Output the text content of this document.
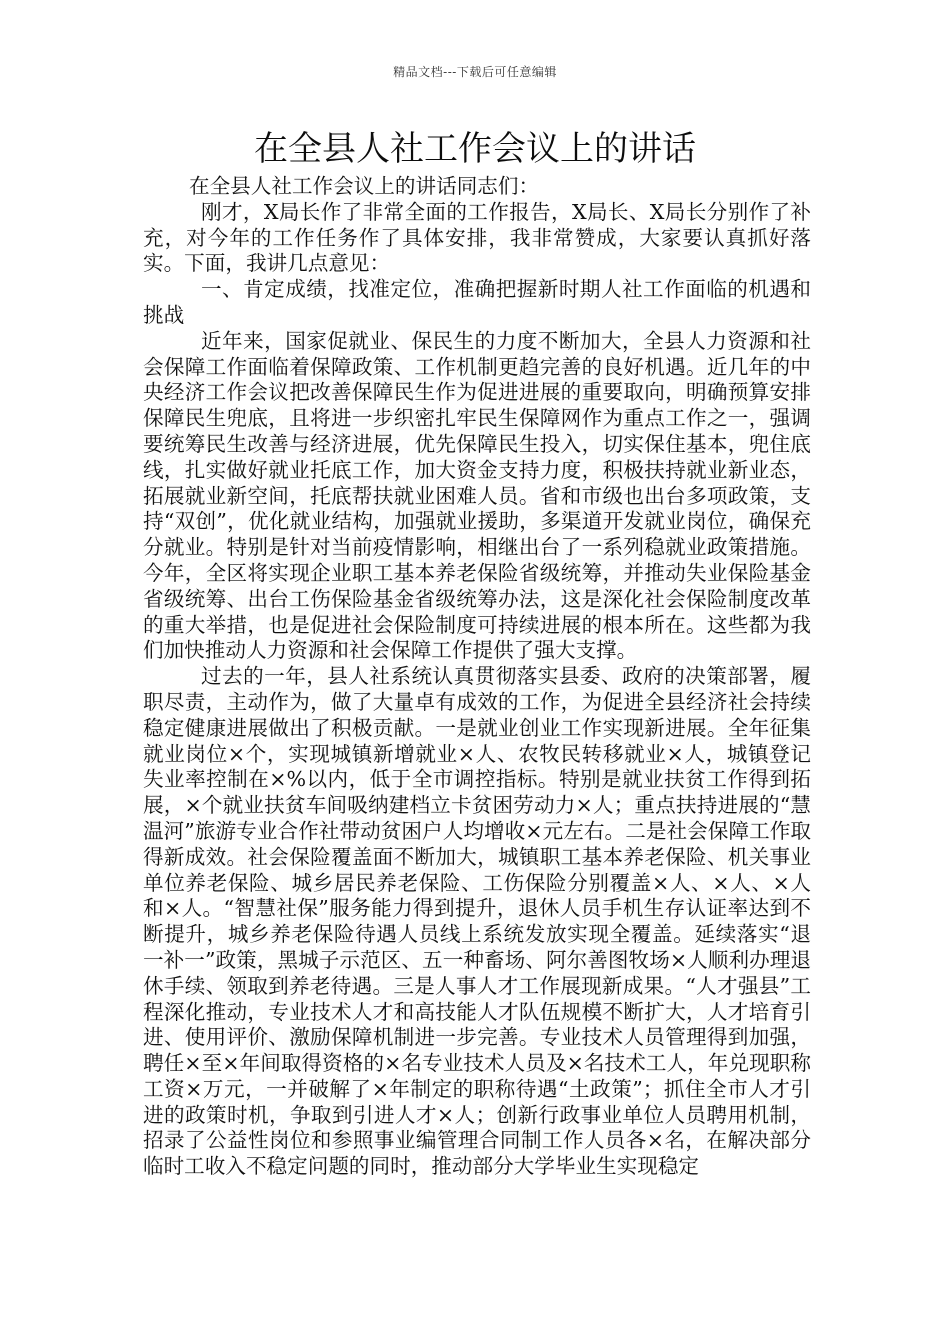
精品文档---下载后可任意编辑
在全县人社工作会议上的讲话

在全县人社工作会议上的讲话同志们：

刚才，X局长作了非常全面的工作报告，X局长、X局长分别作了补充，对今年的工作任务作了具体安排，我非常赞成，大家要认真抓好落实。下面，我讲几点意见：

一、肯定成绩，找准定位，准确把握新时期人社工作面临的机遇和挑战

近年来，国家促就业、保民生的力度不断加大，全县人力资源和社会保障工作面临着保障政策、工作机制更趋完善的良好机遇。近几年的中央经济工作会议把改善保障民生作为促进进展的重要取向，明确预算安排保障民生兜底，且将进一步织密扎牢民生保障网作为重点工作之一，强调要统筹民生改善与经济进展，优先保障民生投入，切实保住基本，兜住底线，扎实做好就业托底工作，加大资金支持力度，积极扶持就业新业态，拓展就业新空间，托底帮扶就业困难人员。省和市级也出台多项政策，支持“双创”，优化就业结构，加强就业援助，多渠道开发就业岗位，确保充分就业。特别是针对当前疫情影响，相继出台了一系列稳就业政策措施。今年，全区将实现企业职工基本养老保险省级统筹，并推动失业保险基金省级统筹、出台工伤保险基金省级统筹办法，这是深化社会保险制度改革的重大举措，也是促进社会保险制度可持续进展的根本所在。这些都为我们加快推动人力资源和社会保障工作提供了强大支撑。

过去的一年，县人社系统认真贯彻落实县委、政府的决策部署，履职尽责，主动作为，做了大量卓有成效的工作，为促进全县经济社会持续稳定健康进展做出了积极贡献。一是就业创业工作实现新进展。全年征集就业岗位×个，实现城镇新增就业×人、农牧民转移就业×人，城镇登记失业率控制在×%以内，低于全市调控指标。特别是就业扶贫工作得到拓展，×个就业扶贫车间吸纳建档立卡贫困劳动力×人；重点扶持进展的“慧温河”旅游专业合作社带动贫困户人均增收×元左右。二是社会保障工作取得新成效。社会保险覆盖面不断加大，城镇职工基本养老保险、机关事业单位养老保险、城乡居民养老保险、工伤保险分别覆盖×人、×人、×人和×人。“智慧社保”服务能力得到提升，退休人员手机生存认证率达到不断提升，城乡养老保险待遇人员线上系统发放实现全覆盖。延续落实“退一补一”政策，黑城子示范区、五一种畜场、阿尔善图牧场×人顺利办理退休手续、领取到养老待遇。三是人事人才工作展现新成果。“人才强县”工程深化推动，专业技术人才和高技能人才队伍规模不断扩大，人才培育引进、使用评价、激励保障机制进一步完善。专业技术人员管理得到加强，聘任×至×年间取得资格的×名专业技术人员及×名技术工人，年兑现职称工资×万元，一并破解了×年制定的职称待遇“土政策”；抓住全市人才引进的政策时机，争取到引进人才×人；创新行政事业单位人员聘用机制，招录了公益性岗位和参照事业编管理合同制工作人员各×名，在解决部分临时工收入不稳定问题的同时，推动部分大学毕业生实现稳定
